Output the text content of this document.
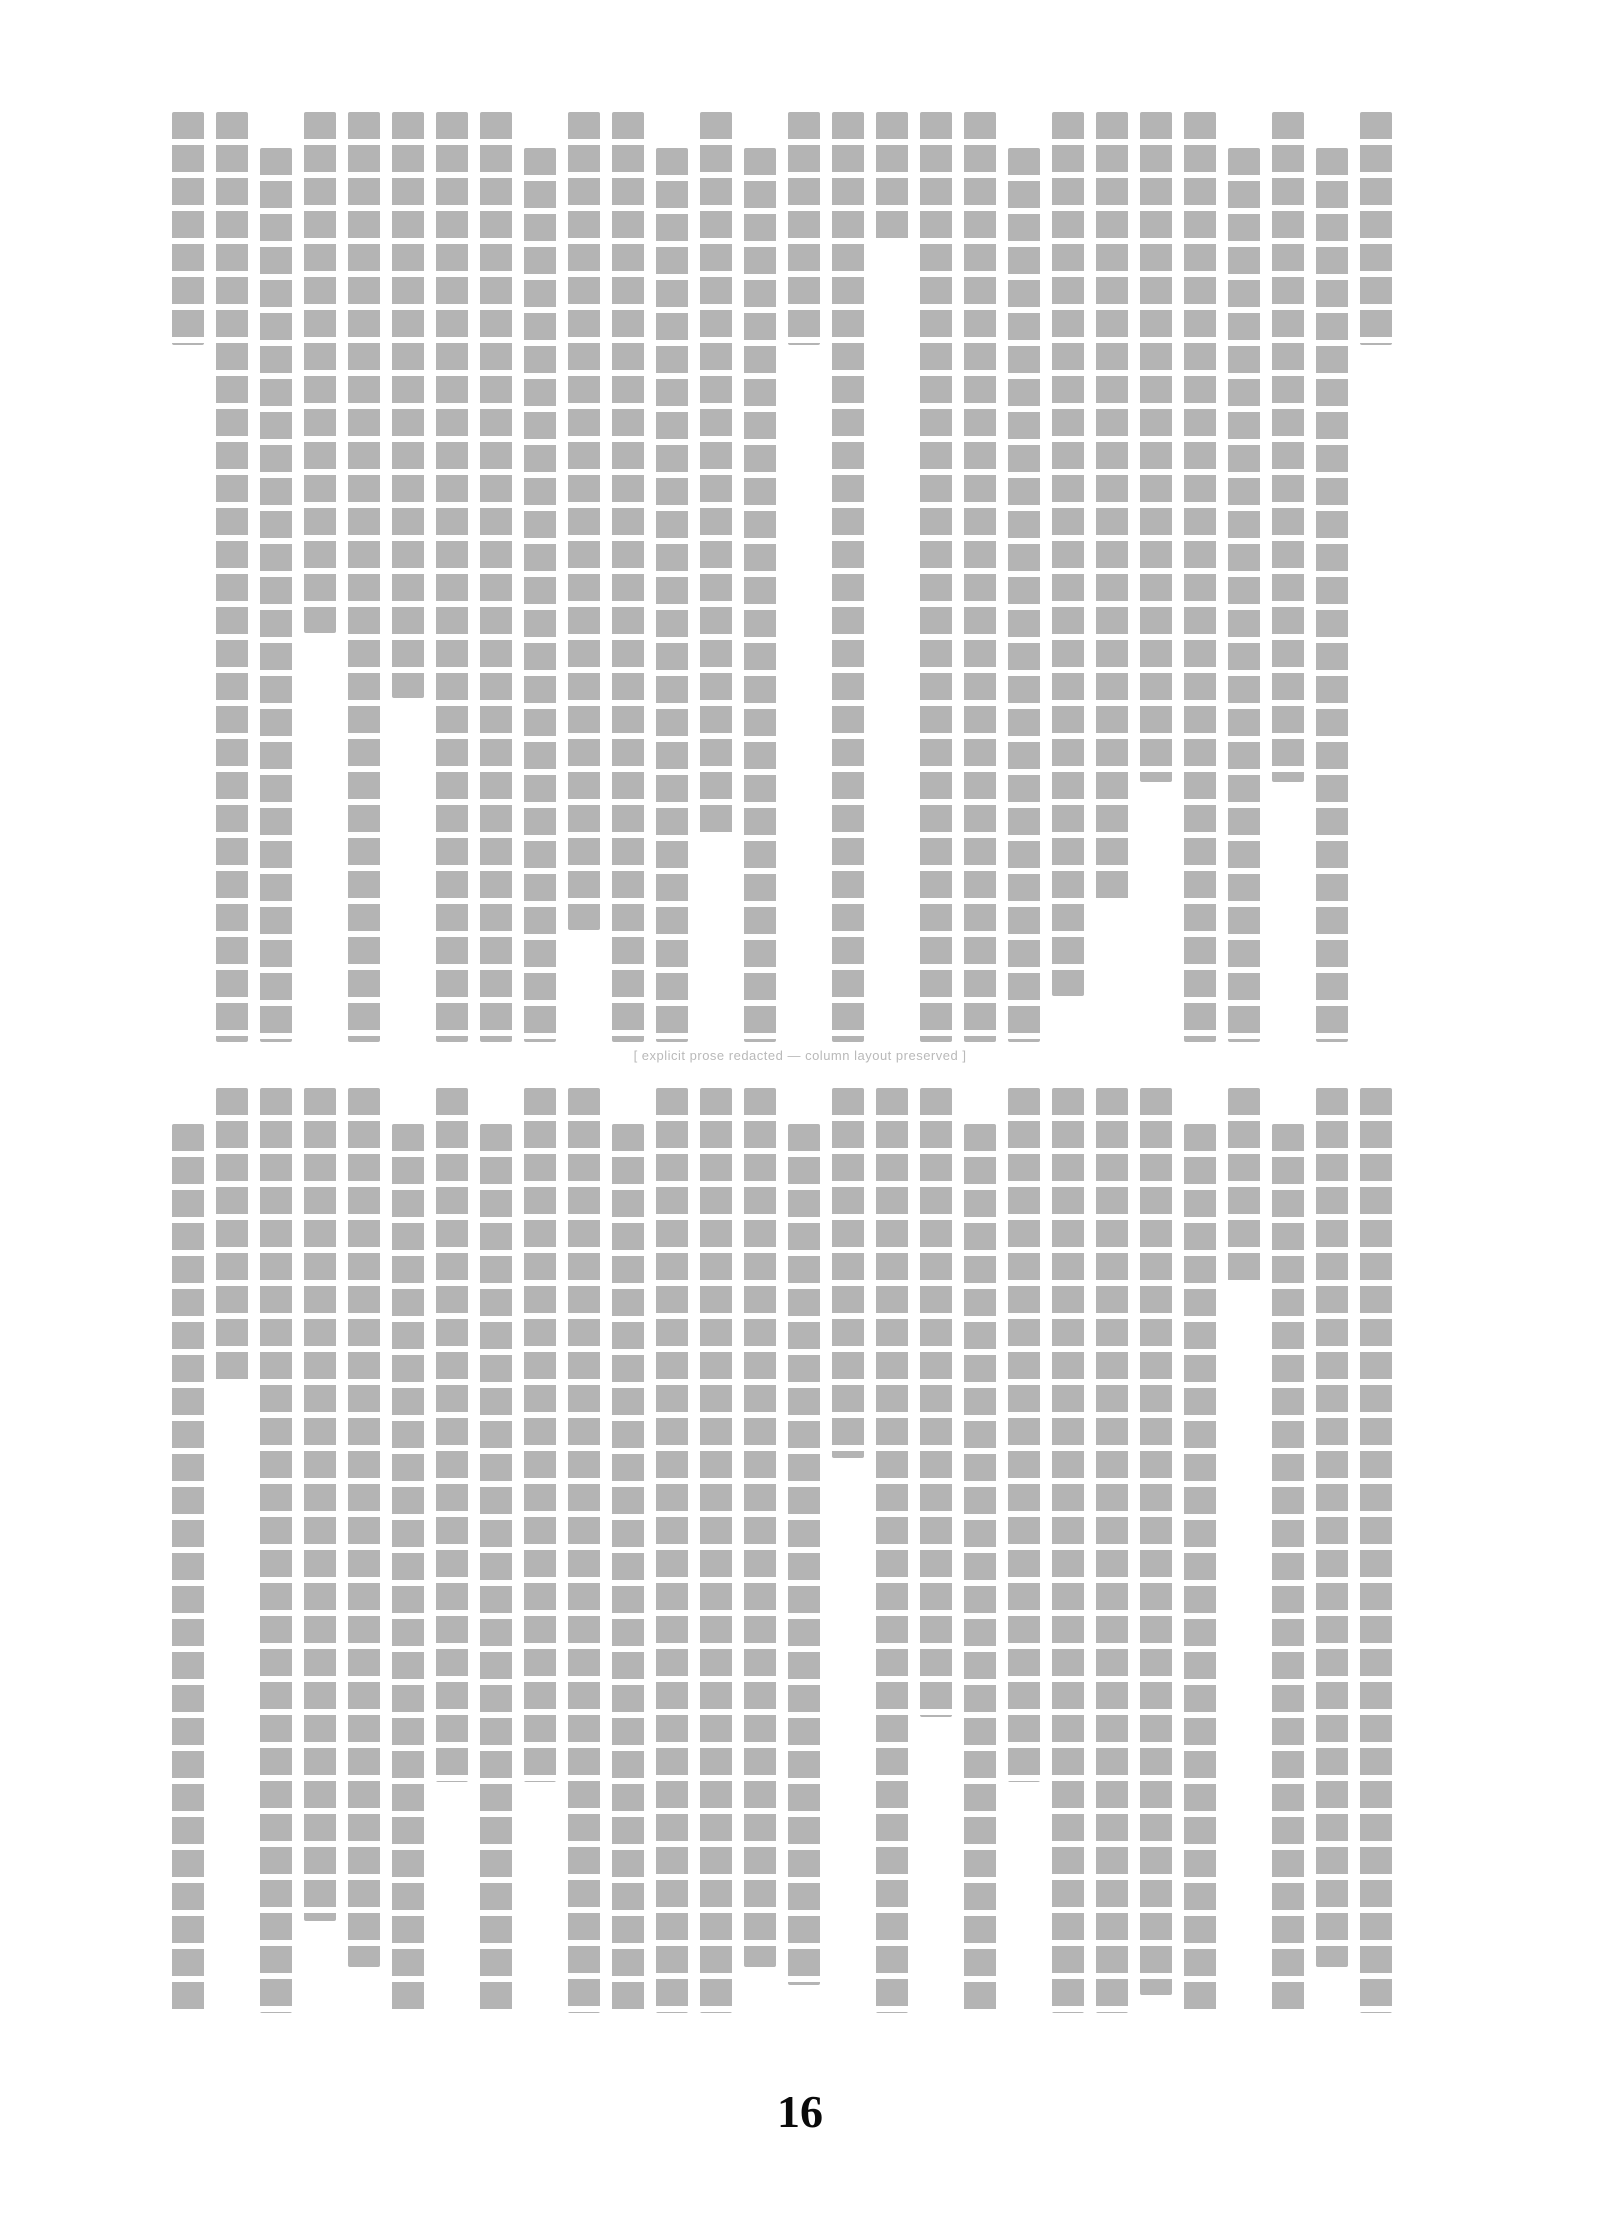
[ explicit prose redacted — column layout preserved ]
16
